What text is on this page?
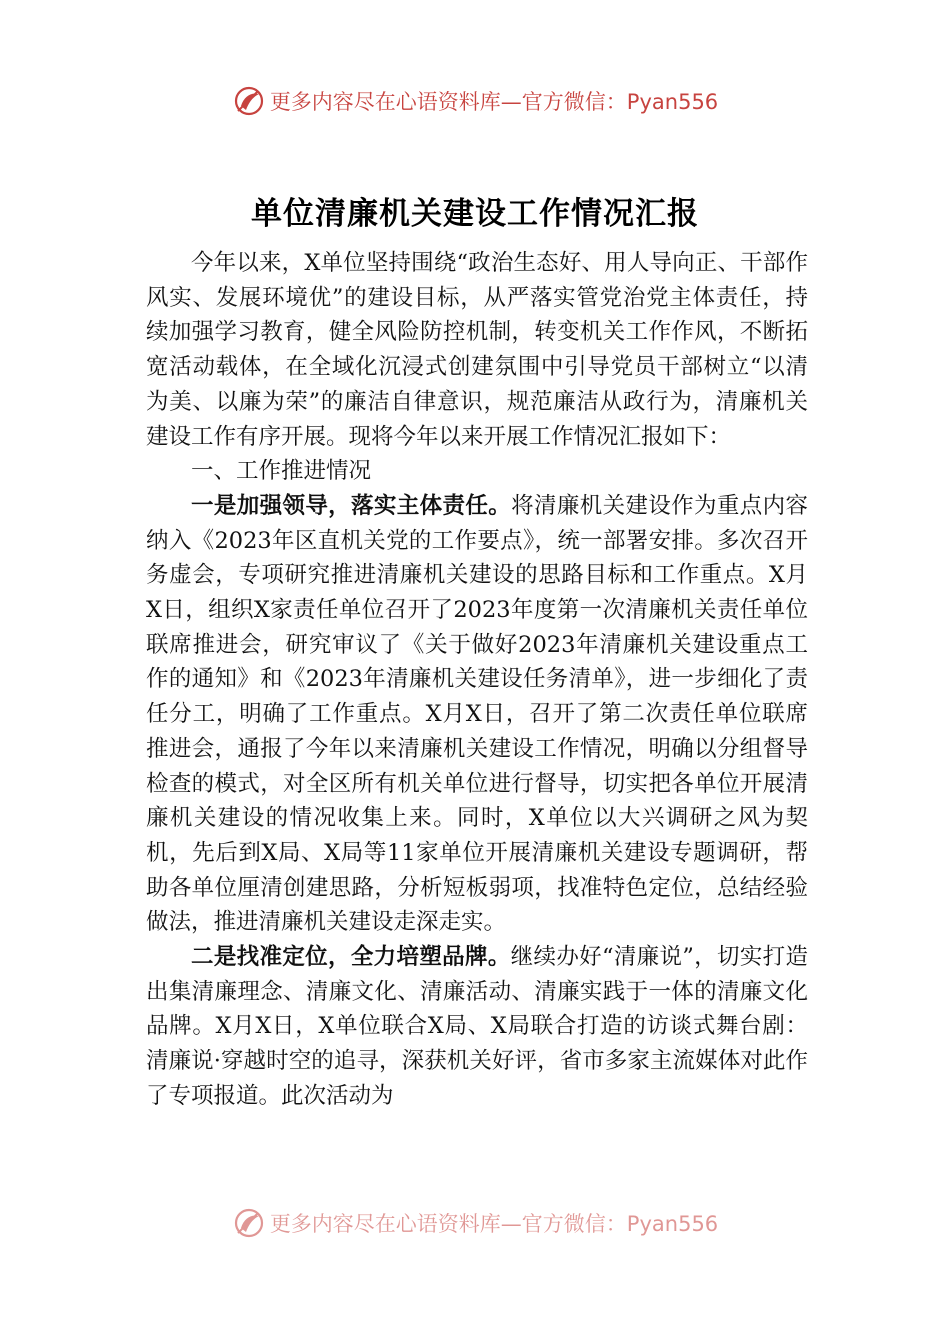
更多内容尽在心语资料库—官方微信：Pyan556
单位清廉机关建设工作情况汇报

今年以来，X单位坚持围绕“政治生态好、用人导向正、干部作风实、发展环境优”的建设目标，从严落实管党治党主体责任，持续加强学习教育，健全风险防控机制，转变机关工作作风，不断拓宽活动载体，在全域化沉浸式创建氛围中引导党员干部树立“以清为美、以廉为荣”的廉洁自律意识，规范廉洁从政行为，清廉机关建设工作有序开展。现将今年以来开展工作情况汇报如下：

一、工作推进情况

一是加强领导，落实主体责任。将清廉机关建设作为重点内容纳入《2023年区直机关党的工作要点》，统一部署安排。多次召开务虚会，专项研究推进清廉机关建设的思路目标和工作重点。X月X日，组织X家责任单位召开了2023年度第一次清廉机关责任单位联席推进会，研究审议了《关于做好2023年清廉机关建设重点工作的通知》和《2023年清廉机关建设任务清单》，进一步细化了责任分工，明确了工作重点。X月X日，召开了第二次责任单位联席推进会，通报了今年以来清廉机关建设工作情况，明确以分组督导检查的模式，对全区所有机关单位进行督导，切实把各单位开展清廉机关建设的情况收集上来。同时，X单位以大兴调研之风为契机，先后到X局、X局等11家单位开展清廉机关建设专题调研，帮助各单位厘清创建思路，分析短板弱项，找准特色定位，总结经验做法，推进清廉机关建设走深走实。

二是找准定位，全力培塑品牌。继续办好“清廉说”，切实打造出集清廉理念、清廉文化、清廉活动、清廉实践于一体的清廉文化品牌。X月X日，X单位联合X局、X局联合打造的访谈式舞台剧：清廉说·穿越时空的追寻，深获机关好评，省市多家主流媒体对此作了专项报道。此次活动为

更多内容尽在心语资料库—官方微信：Pyan556
